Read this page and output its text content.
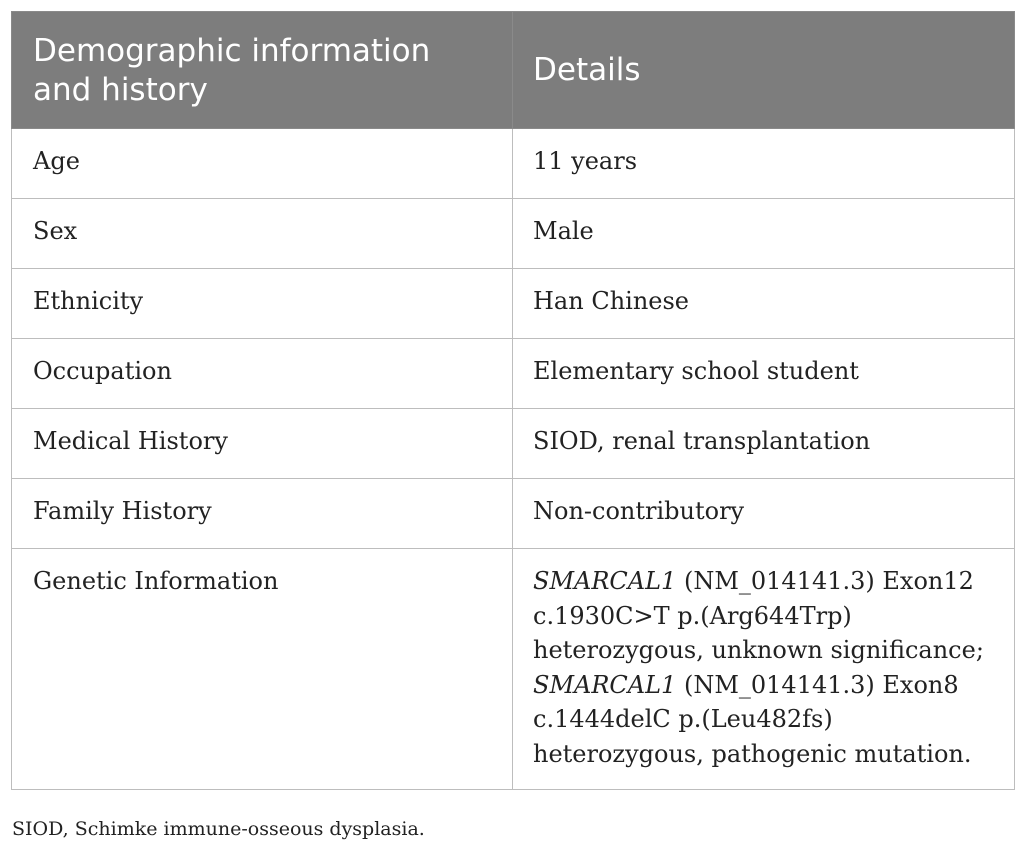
Demographic information and history	Details
Age	11 years
Sex	Male
Ethnicity	Han Chinese
Occupation	Elementary school student
Medical History	SIOD, renal transplantation
Family History	Non-contributory
Genetic Information	SMARCAL1 (NM_014141.3) Exon12 c.1930C>T p.(Arg644Trp) heterozygous, unknown significance;
SMARCAL1 (NM_014141.3) Exon8 c.1444delC p.(Leu482fs) heterozygous, pathogenic mutation.
SIOD, Schimke immune-osseous dysplasia.
